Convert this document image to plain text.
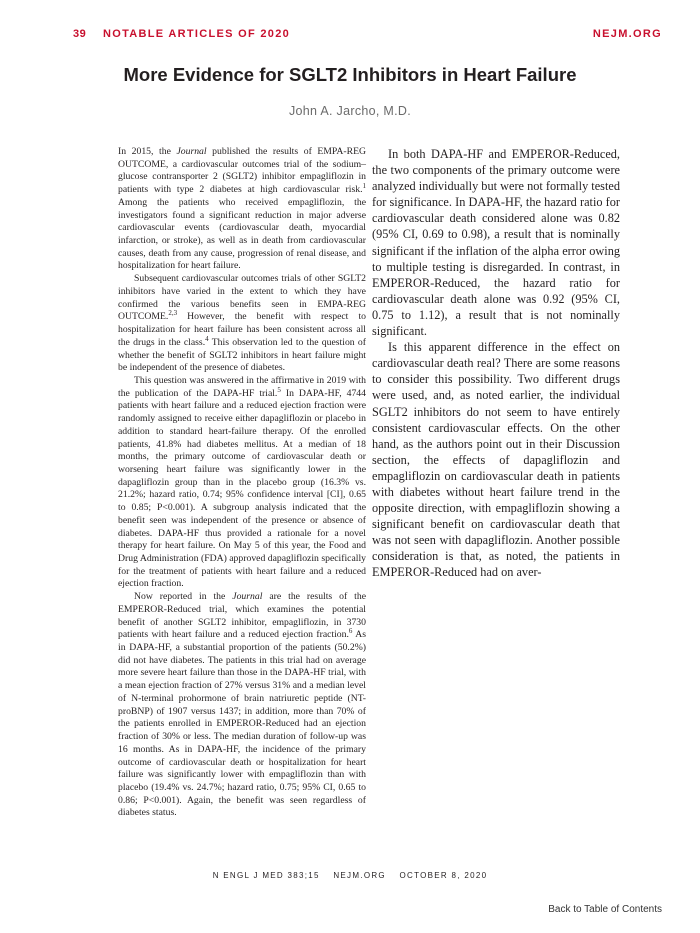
39 NOTABLE ARTICLES OF 2020	NEJM.ORG
More Evidence for SGLT2 Inhibitors in Heart Failure
John A. Jarcho, M.D.

In 2015, the Journal published the results of EMPA-REG OUTCOME, a cardiovascular outcomes trial of the sodium–glucose contransporter 2 (SGLT2) inhibitor empagliflozin in patients with type 2 diabetes at high cardiovascular risk.$^1$ Among the patients who received empagliflozin, the investigators found a significant reduction in major adverse cardiovascular events (cardiovascular death, myocardial infarction, or stroke), as well as in death from cardiovascular causes, death from any cause, progression of renal disease, and hospitalization for heart failure.

Subsequent cardiovascular outcomes trials of other SGLT2 inhibitors have varied in the extent to which they have confirmed the various benefits seen in EMPA-REG OUTCOME.$^{2,3}$ However, the benefit with respect to hospitalization for heart failure has been consistent across all the drugs in the class.$^4$ This observation led to the question of whether the benefit of SGLT2 inhibitors in heart failure might be independent of the presence of diabetes.

This question was answered in the affirmative in 2019 with the publication of the DAPA-HF trial.$^5$ In DAPA-HF, 4744 patients with heart failure and a reduced ejection fraction were randomly assigned to receive either dapagliflozin or placebo in addition to standard heart-failure therapy. Of the enrolled patients, 41.8% had diabetes mellitus. At a median of 18 months, the primary outcome of cardiovascular death or worsening heart failure was significantly lower in the dapagliflozin group than in the placebo group (16.3% vs. 21.2%; hazard ratio, 0.74; 95% confidence interval [CI], 0.65 to 0.85; P<0.001). A subgroup analysis indicated that the benefit seen was independent of the presence or absence of diabetes. DAPA-HF thus provided a rationale for a novel therapy for heart failure. On May 5 of this year, the Food and Drug Administration (FDA) approved dapagliflozin specifically for the treatment of patients with heart failure and a reduced ejection fraction.

Now reported in the Journal are the results of the EMPEROR-Reduced trial, which examines the potential benefit of another SGLT2 inhibitor, empagliflozin, in 3730 patients with heart failure and a reduced ejection fraction.$^6$ As in DAPA-HF, a substantial proportion of the patients (50.2%) did not have diabetes. The patients in this trial had on average more severe heart failure than those in the DAPA-HF trial, with a mean ejection fraction of 27% versus 31% and a median level of N-terminal prohormone of brain natriuretic peptide (NT-proBNP) of 1907 versus 1437; in addition, more than 70% of the patients enrolled in EMPEROR-Reduced had an ejection fraction of 30% or less. The median duration of follow-up was 16 months. As in DAPA-HF, the incidence of the primary outcome of cardiovascular death or hospitalization for heart failure was significantly lower with empagliflozin than with placebo (19.4% vs. 24.7%; hazard ratio, 0.75; 95% CI, 0.65 to 0.86; P<0.001). Again, the benefit was seen regardless of diabetes status.

In both DAPA-HF and EMPEROR-Reduced, the two components of the primary outcome were analyzed individually but were not formally tested for significance. In DAPA-HF, the hazard ratio for cardiovascular death considered alone was 0.82 (95% CI, 0.69 to 0.98), a result that is nominally significant if the inflation of the alpha error owing to multiple testing is disregarded. In contrast, in EMPEROR-Reduced, the hazard ratio for cardiovascular death alone was 0.92 (95% CI, 0.75 to 1.12), a result that is not nominally significant.

Is this apparent difference in the effect on cardiovascular death real? There are some reasons to consider this possibility. Two different drugs were used, and, as noted earlier, the individual SGLT2 inhibitors do not seem to have entirely consistent cardiovascular effects. On the other hand, as the authors point out in their Discussion section, the effects of dapagliflozin and empagliflozin on cardiovascular death in patients with diabetes without heart failure trend in the opposite direction, with empagliflozin showing a significant benefit on cardiovascular death that was not seen with dapagliflozin. Another possible consideration is that, as noted, the patients in EMPEROR-Reduced had on aver-

N ENGL J MED 383;15 NEJM.ORG OCTOBER 8, 2020
Back to Table of Contents
